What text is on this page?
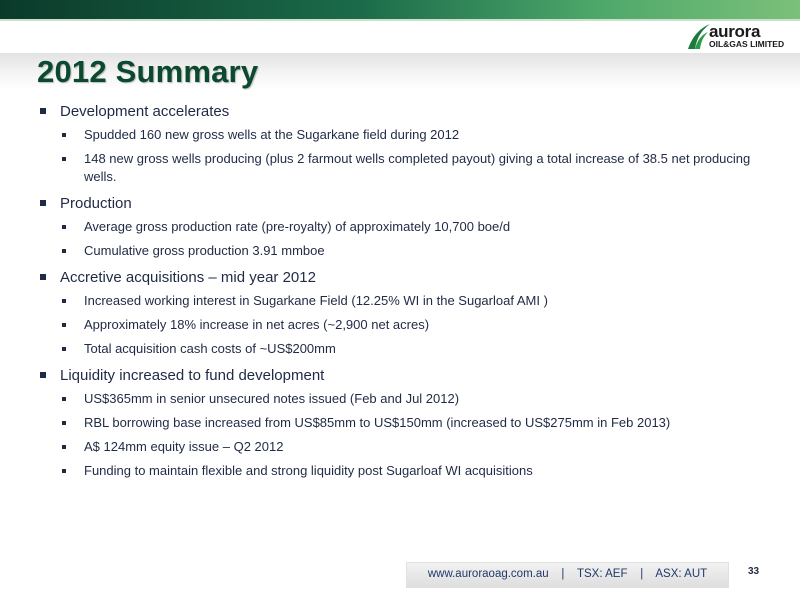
aurora
OIL&GAS LIMITED
2012 Summary
Development accelerates
Spudded 160 new gross wells at the Sugarkane field during 2012
148 new gross wells producing (plus 2 farmout wells completed payout) giving a total increase of 38.5 net producing wells.
Production
Average gross production rate (pre-royalty) of approximately 10,700 boe/d
Cumulative gross production 3.91 mmboe
Accretive acquisitions – mid year 2012
Increased working interest in Sugarkane Field (12.25% WI in the Sugarloaf AMI )
Approximately 18% increase in net acres (~2,900 net acres)
Total acquisition cash costs of ~US$200mm
Liquidity increased to fund development
US$365mm in senior unsecured notes issued (Feb and Jul 2012)
RBL borrowing base increased from US$85mm to US$150mm (increased to US$275mm in Feb 2013)
A$ 124mm equity issue – Q2 2012
Funding to maintain flexible and strong liquidity post Sugarloaf WI acquisitions
www.auroraoag.com.au    |    TSX: AEF    |    ASX: AUT	33
